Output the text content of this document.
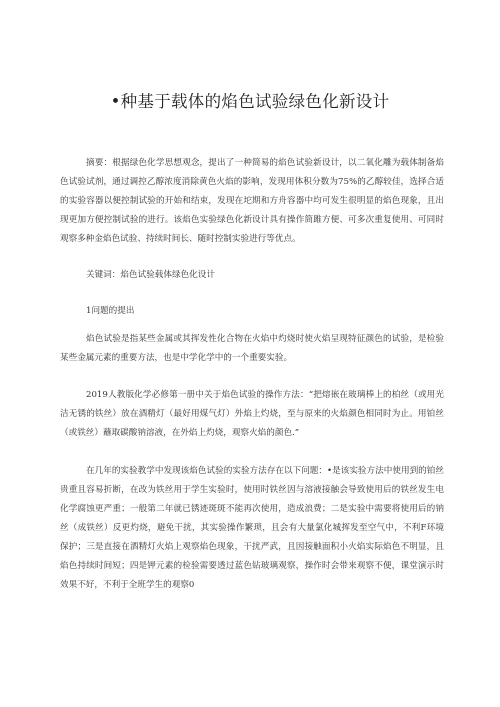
•种基于载体的焰色试验绿色化新设计

摘要：根据绿色化学思想观念，提出了一种简易的焰色试验新设计，以二氧化雕为载体制备焰色试验试剂，通过调控乙醇浓度消除黄色火焰的影响，发现用体积分数为75%的乙醇较佳，选择合适的实验容器以便控制试验的开始和结束，发现在坨期和方舟容器中均可发生很明显的焰色现象，且出现更加方便控制试验的进行。该焰色实验绿色化新设计具有操作简雎方便、可多次重复使用、可同时观察多种金焰色试验、持续时间长、随时控制实验进行等优点。

关键词：焰色试验载体绿色化设计

1问题的提出

焰色试验是指某些金属或其挥发性化合物在火焰中灼烧时使火焰呈现特征颜色的试验，是检验某些金属元素的重要方法，也是中学化学中的一个重要实验。

2019人教版化学必修第一册中关于焰色试验的操作方法：“把熔嵌在玻璃棒上的柏丝（或用光洁无锈的铁丝）放在酒精灯（最好用煤气灯）外焰上灼烧，至与原来的火焰颜色相同时为止。用铂丝（或铁丝）蘸取碳酸钠溶液，在外焰上灼烧，观察火焰的颜色.”

在几年的实验教学中发现该焰色试验的实验方法存在以下问题：•是该实验方法中使用到的铂丝贵重且容易折断，在改为铁丝用于学生实验时，使用时铁丝因与溶液接触会导致使用后的铁丝发生电化学腐蚀更严重；一般第二年就已锈迹斑斑不能再次使用，造成浪费；二是实验中需要将使用后的钠丝（成铁丝）反更灼烧，避免干扰，其实验操作繁琐，且会有大量氯化城挥发至空气中，不利F环境保护；三是直接在酒精灯火焰上观察焰色现象，干扰严武，且因接触面积小火焰实际焰色不明显，且焰色持续时间短；四是钾元素的检验需要透过蓝色钻玻璃观察，操作时会带来观察不便，课堂演示时效果不好，不利于全班学生的观察0
